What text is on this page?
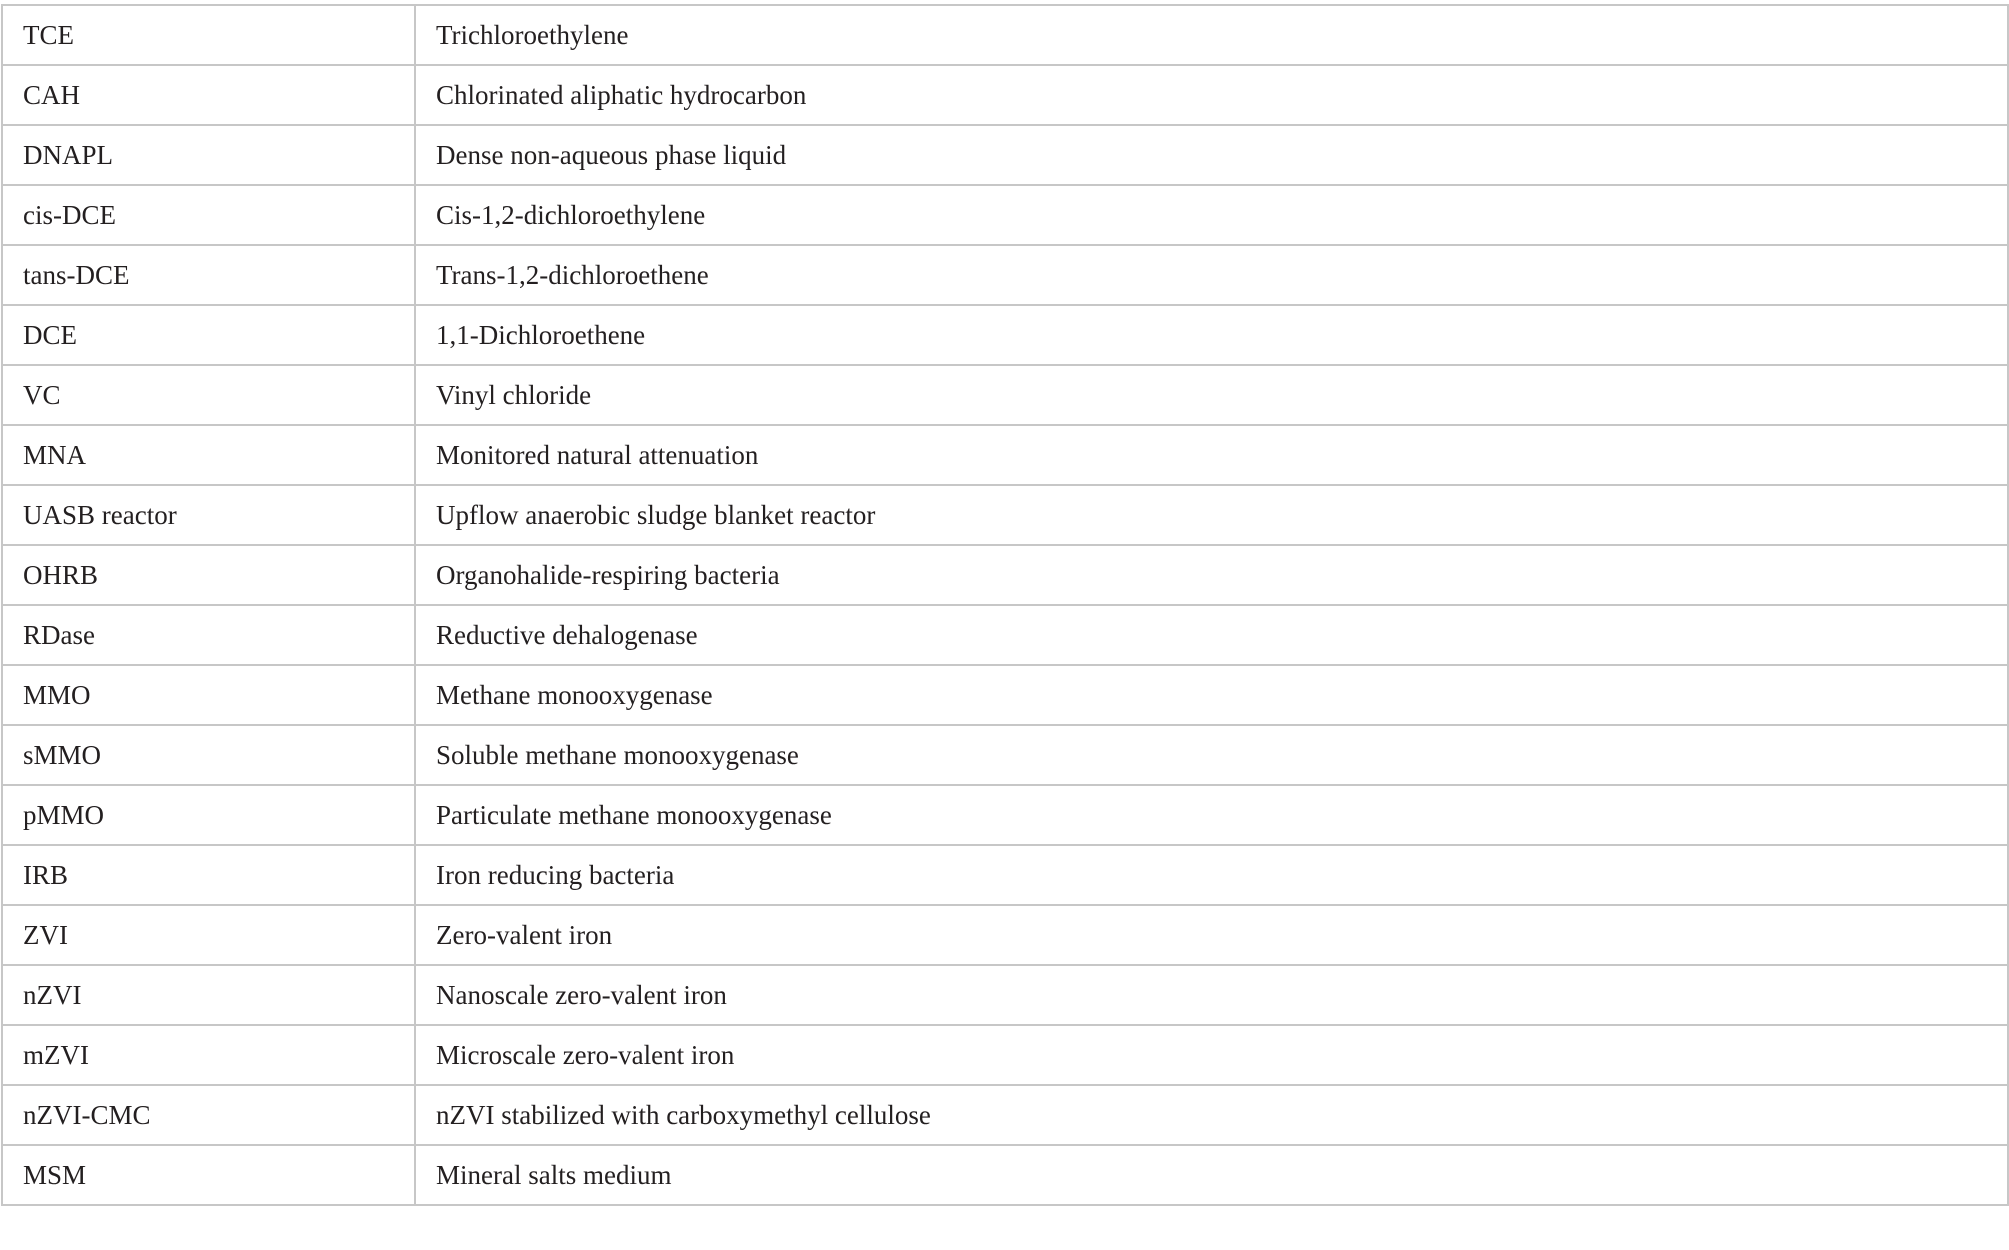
TCE	Trichloroethylene
CAH	Chlorinated aliphatic hydrocarbon
DNAPL	Dense non-aqueous phase liquid
cis-DCE	Cis-1,2-dichloroethylene
tans-DCE	Trans-1,2-dichloroethene
DCE	1,1-Dichloroethene
VC	Vinyl chloride
MNA	Monitored natural attenuation
UASB reactor	Upflow anaerobic sludge blanket reactor
OHRB	Organohalide-respiring bacteria
RDase	Reductive dehalogenase
MMO	Methane monooxygenase
sMMO	Soluble methane monooxygenase
pMMO	Particulate methane monooxygenase
IRB	Iron reducing bacteria
ZVI	Zero-valent iron
nZVI	Nanoscale zero-valent iron
mZVI	Microscale zero-valent iron
nZVI-CMC	nZVI stabilized with carboxymethyl cellulose
MSM	Mineral salts medium
